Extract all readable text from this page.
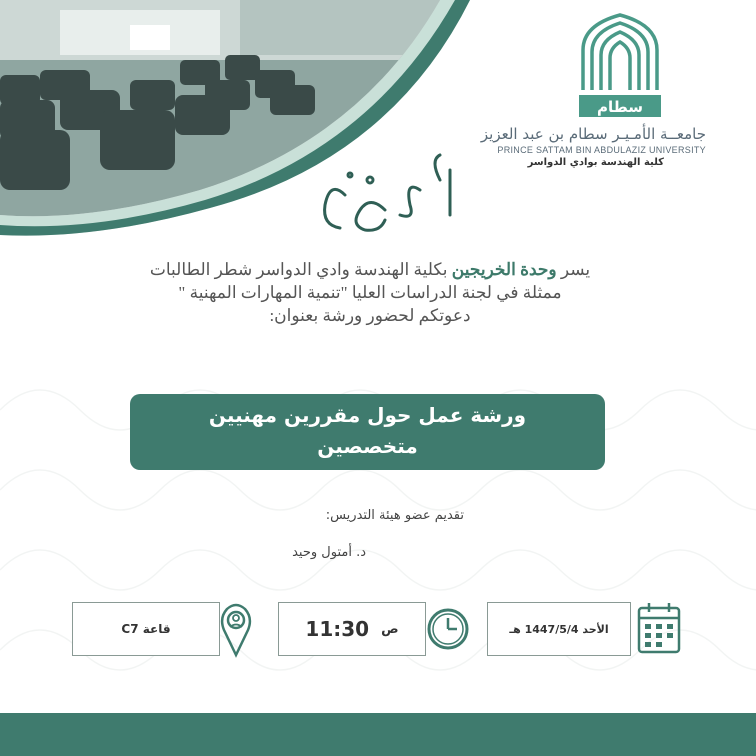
سطام
جامعــة الأمـيـر سطام بن عبد العزيز
PRINCE SATTAM BIN ABDULAZIZ UNIVERSITY
كلية الهندسة بوادي الدواسر
يسر وحدة الخريجين بكلية الهندسة وادي الدواسر شطر الطالبات
ممثلة في لجنة الدراسات العليا "تنمية المهارات المهنية "
دعوتكم لحضور ورشة بعنوان:
ورشة عمل حول مقررين مهنيين
متخصصين
تقديم عضو هيئة التدريس:
د. أمتول وحيد
الأحد 1447/5/4 هـ
ص
11:30
قاعة C7
